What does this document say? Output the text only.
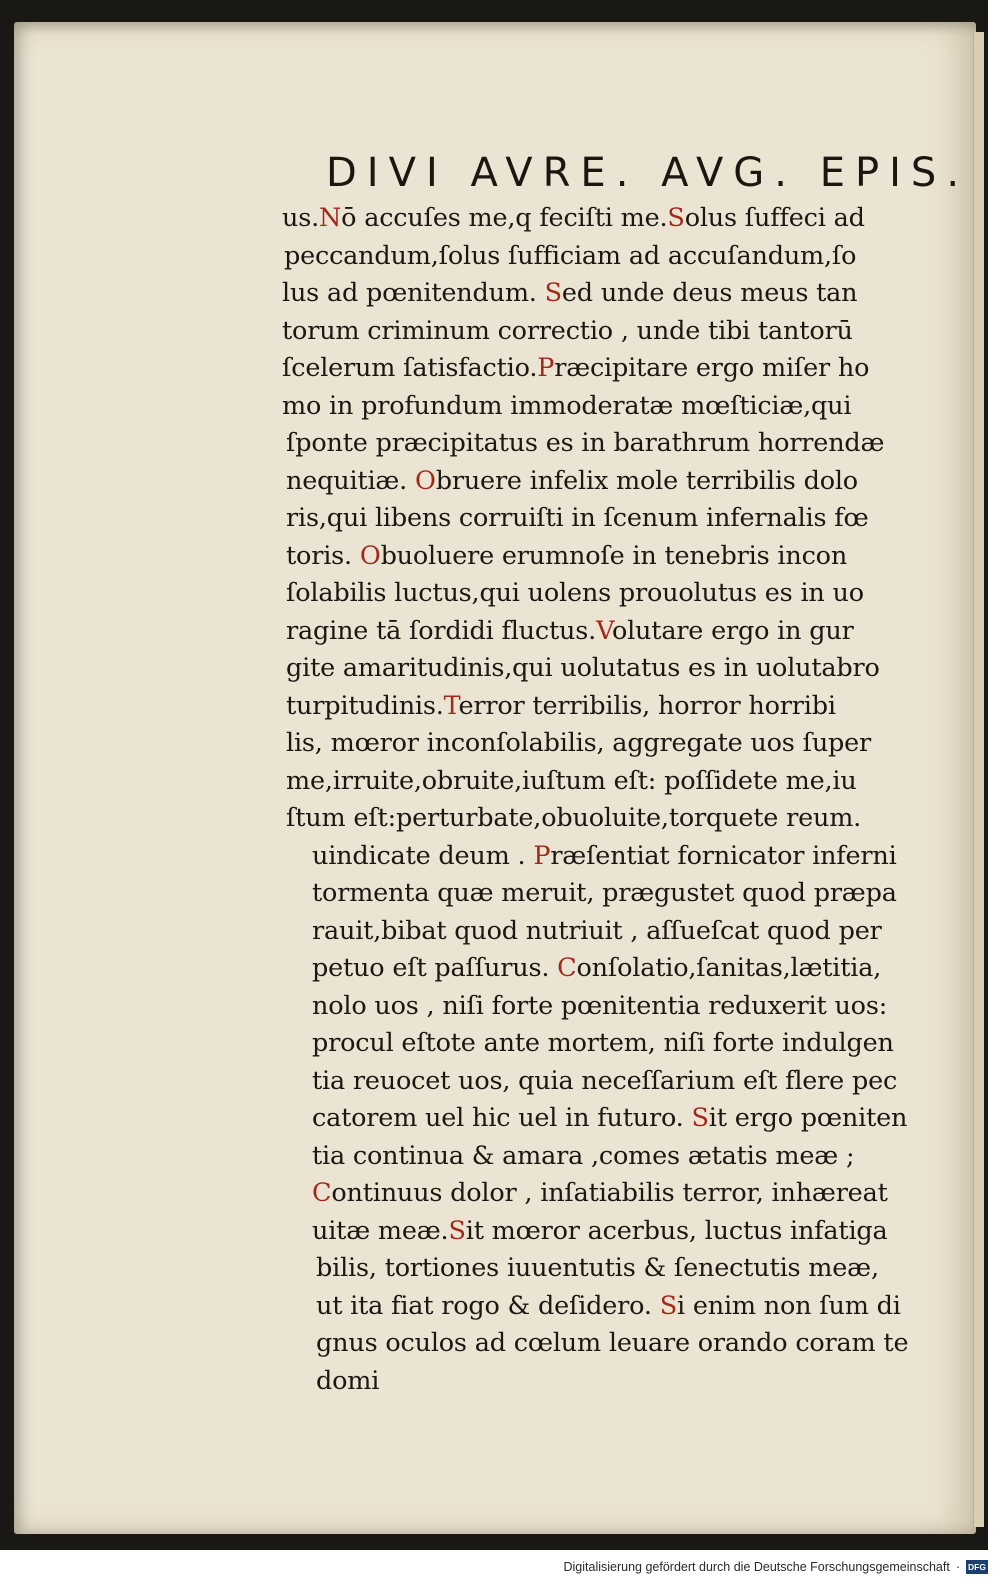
DIVI AVRE. AVG. EPIS.
us.Nō accuſes me,q feciſti me.Solus ſuffeci ad
peccandum,ſolus ſufficiam ad accuſandum,ſo
lus ad pœnitendum. Sed unde deus meus tan
torum criminum correctio , unde tibi tantorū
ſcelerum ſatisfactio.Præcipitare ergo miſer ho
mo in profundum immoderatæ mœſticiæ,qui
ſponte præcipitatus es in barathrum horrendæ
nequitiæ. Obruere infelix mole terribilis dolo
ris,qui libens corruiſti in ſcenum infernalis fœ
toris. Obuoluere erumnoſe in tenebris incon
ſolabilis luctus,qui uolens prouolutus es in uo
ragine tā ſordidi fluctus.Volutare ergo in gur
gite amaritudinis,qui uolutatus es in uolutabro
turpitudinis.Terror terribilis, horror horribi
lis, mœror inconſolabilis, aggregate uos ſuper
me,irruite,obruite,iuſtum eſt: poſſidete me,iu
ſtum eſt:perturbate,obuoluite,torquete reum.
uindicate deum . Præſentiat fornicator inferni
tormenta quæ meruit, prægustet quod præpa
rauit,bibat quod nutriuit , aſſueſcat quod per
petuo eſt paſſurus. Conſolatio,ſanitas,lætitia,
nolo uos , niſi forte pœnitentia reduxerit uos:
procul eſtote ante mortem, niſi forte indulgen
tia reuocet uos, quia neceſſarium eſt flere pec
catorem uel hic uel in futuro. Sit ergo pœniten
tia continua & amara ,comes ætatis meæ ;
Continuus dolor , inſatiabilis terror, inhæreat
uitæ meæ.Sit mœror acerbus, luctus infatiga
bilis, tortiones iuuentutis & ſenectutis meæ,
ut ita fiat rogo & deſidero. Si enim non ſum di
gnus oculos ad cœlum leuare orando coram te
domi
Digitalisierung gefördert durch die Deutsche Forschungsgemeinschaft · DFG
